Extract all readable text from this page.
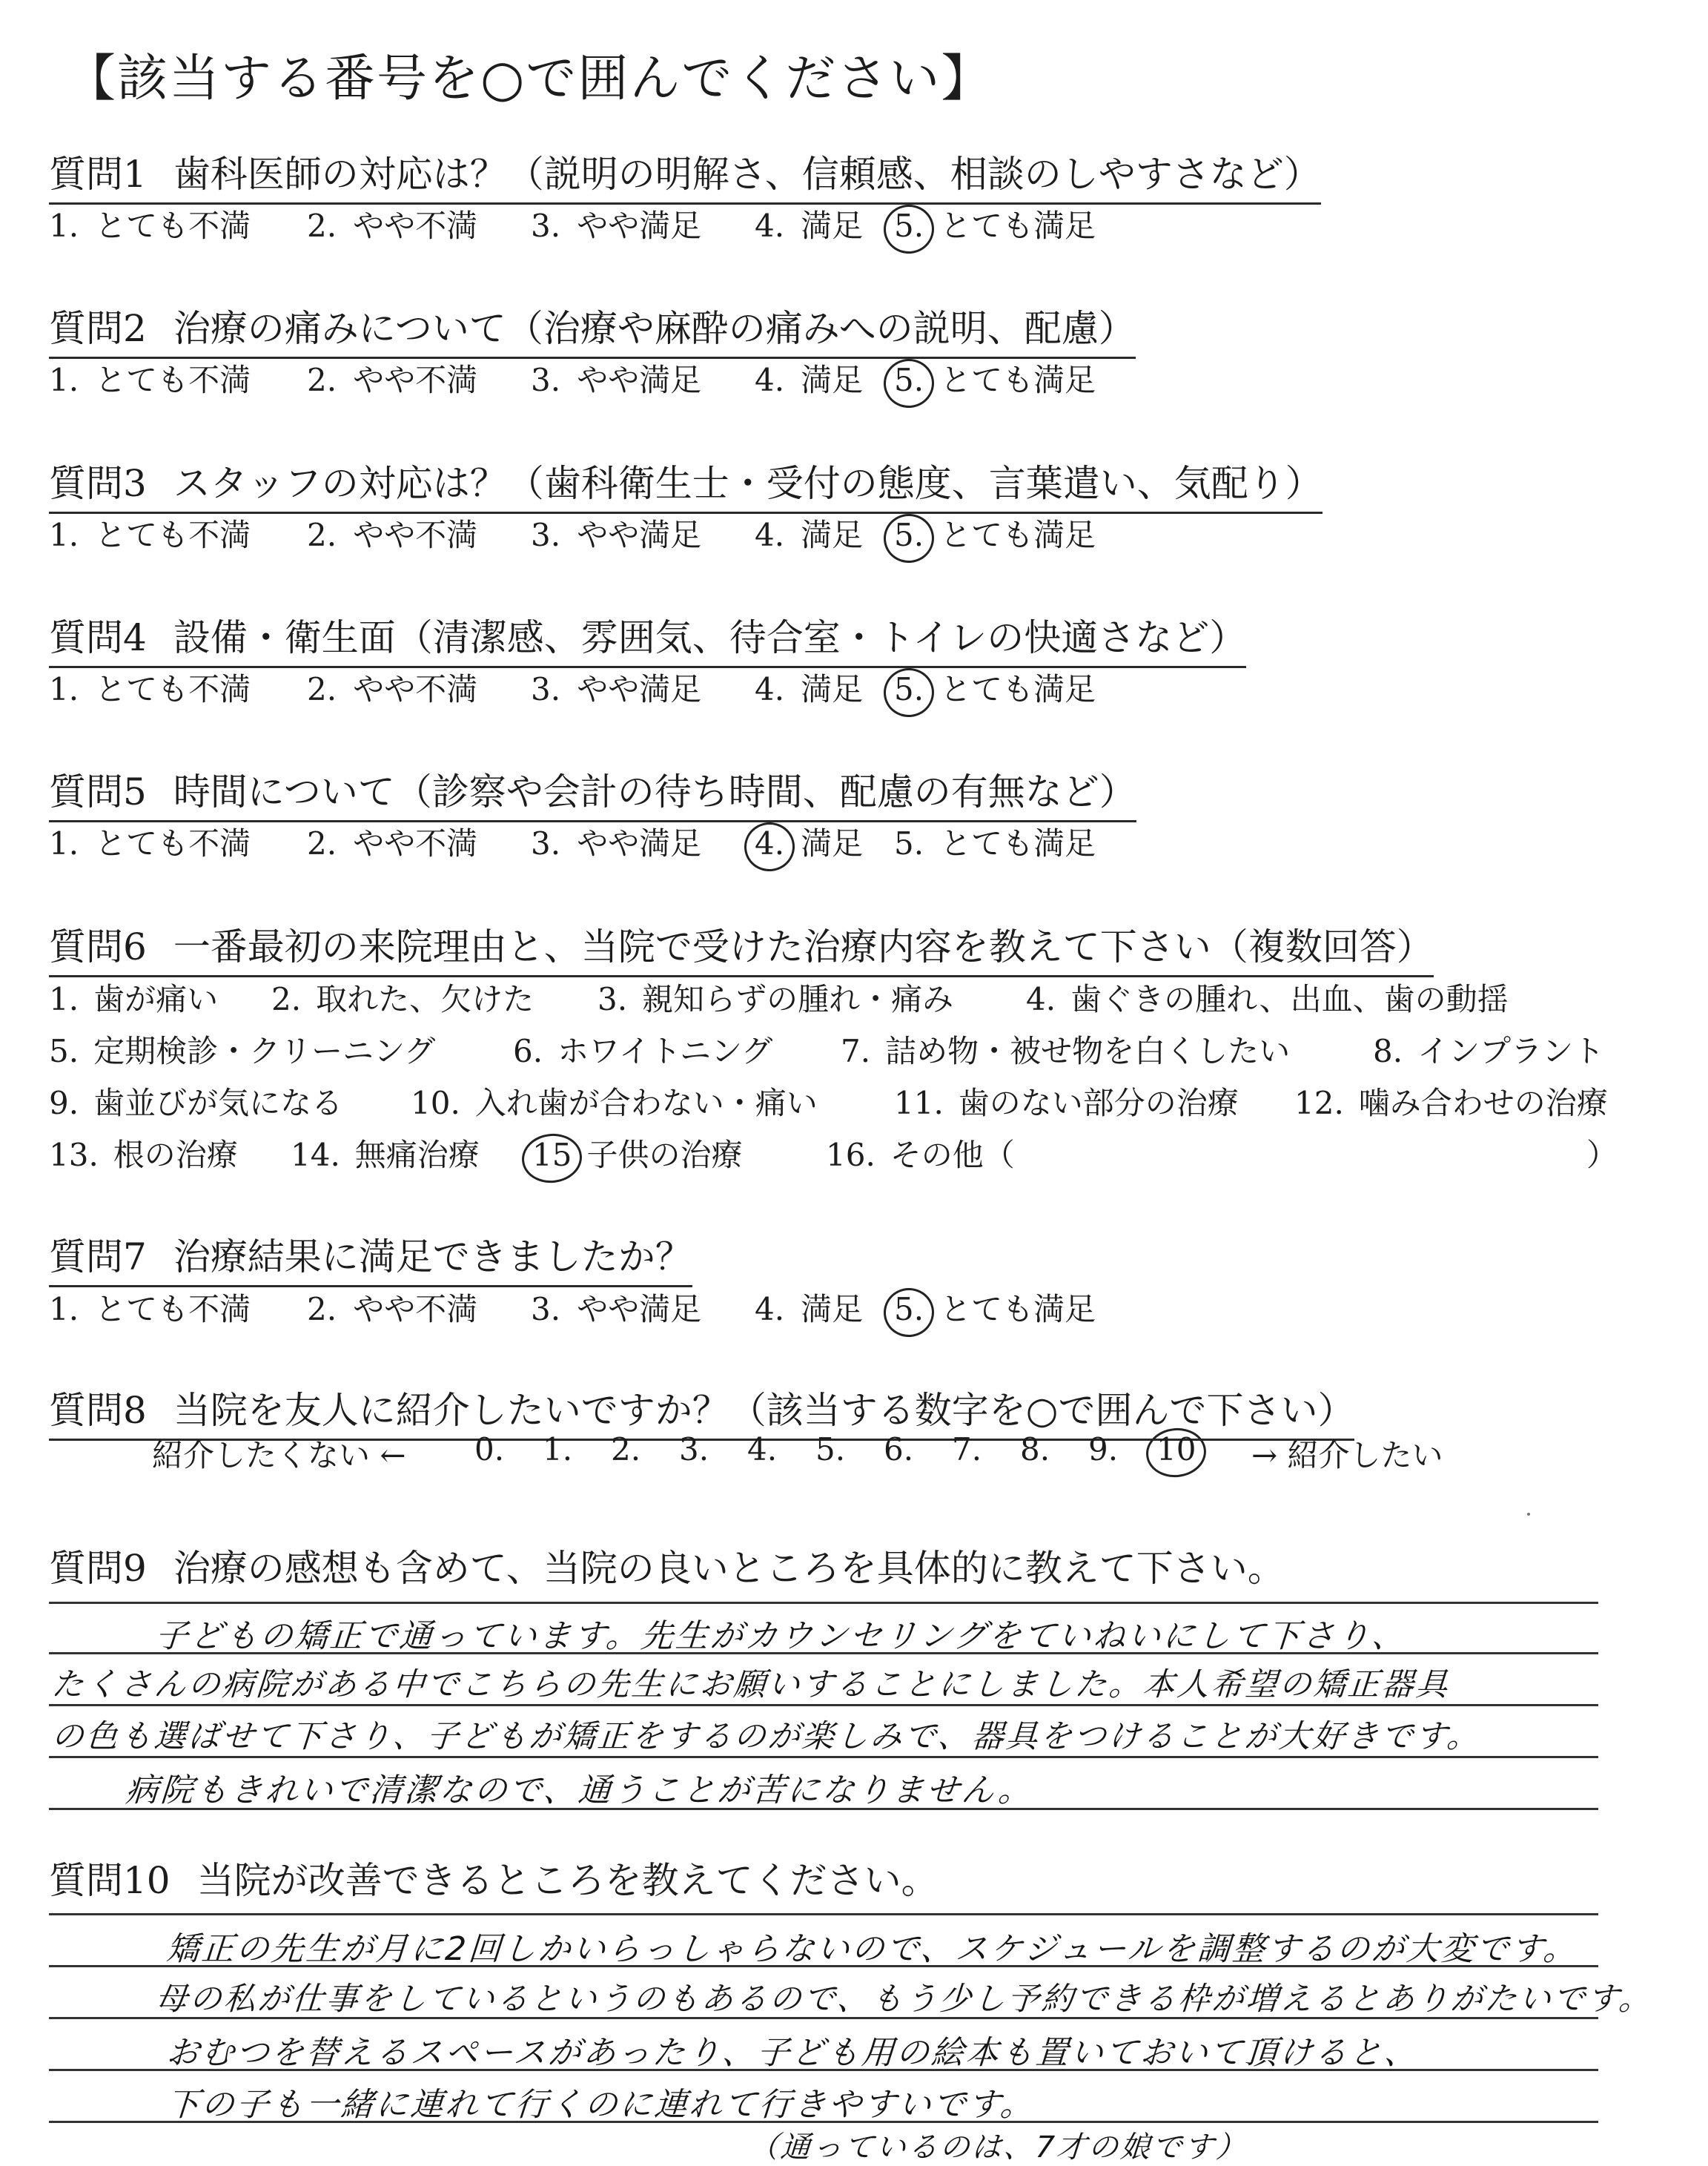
【該当する番号を○で囲んでください】
質問1 歯科医師の対応は？（説明の明解さ、信頼感、相談のしやすさなど）
1. とても不満 2. やや不満 3. やや満足 4. 満足 5. とても満足
質問2 治療の痛みについて（治療や麻酔の痛みへの説明、配慮）
1. とても不満 2. やや不満 3. やや満足 4. 満足 5. とても満足
質問3 スタッフの対応は？（歯科衛生士・受付の態度、言葉遣い、気配り）
1. とても不満 2. やや不満 3. やや満足 4. 満足 5. とても満足
質問4 設備・衛生面（清潔感、雰囲気、待合室・トイレの快適さなど）
1. とても不満 2. やや不満 3. やや満足 4. 満足 5. とても満足
質問5 時間について（診察や会計の待ち時間、配慮の有無など）
1. とても不満 2. やや不満 3. やや満足 4. 満足 5. とても満足
質問6 一番最初の来院理由と、当院で受けた治療内容を教えて下さい（複数回答）
1. 歯が痛い 2. 取れた、欠けた 3. 親知らずの腫れ・痛み 4. 歯ぐきの腫れ、出血、歯の動揺
5. 定期検診・クリーニング 6. ホワイトニング 7. 詰め物・被せ物を白くしたい	8. インプラント
9. 歯並びが気になる 10. 入れ歯が合わない・痛い 11. 歯のない部分の治療 12. 噛み合わせの治療
13. 根の治療 14. 無痛治療 15 子供の治療	16. その他（	）
質問7 治療結果に満足できましたか？
1. とても不満 2. やや不満 3. やや満足 4. 満足 5. とても満足
質問8 当院を友人に紹介したいですか？（該当する数字を○で囲んで下さい）
紹介したくない ← 0. 1. 2. 3. 4. 5. 6. 7. 8. 9. 10 → 紹介したい
質問9 治療の感想も含めて、当院の良いところを具体的に教えて下さい。
子どもの矯正で通っています。先生がカウンセリングをていねいにして下さり、
たくさんの病院がある中でこちらの先生にお願いすることにしました。本人希望の矯正器具
の色も選ばせて下さり、子どもが矯正をするのが楽しみで、器具をつけることが大好きです。
病院もきれいで清潔なので、通うことが苦になりません。
質問10 当院が改善できるところを教えてください。
矯正の先生が月に2回しかいらっしゃらないので、スケジュールを調整するのが大変です。
母の私が仕事をしているというのもあるので、もう少し予約できる枠が増えるとありがたいです。
おむつを替えるスペースがあったり、子ども用の絵本も置いておいて頂けると、
下の子も一緒に連れて行くのに連れて行きやすいです。
（通っているのは、7才の娘です）
